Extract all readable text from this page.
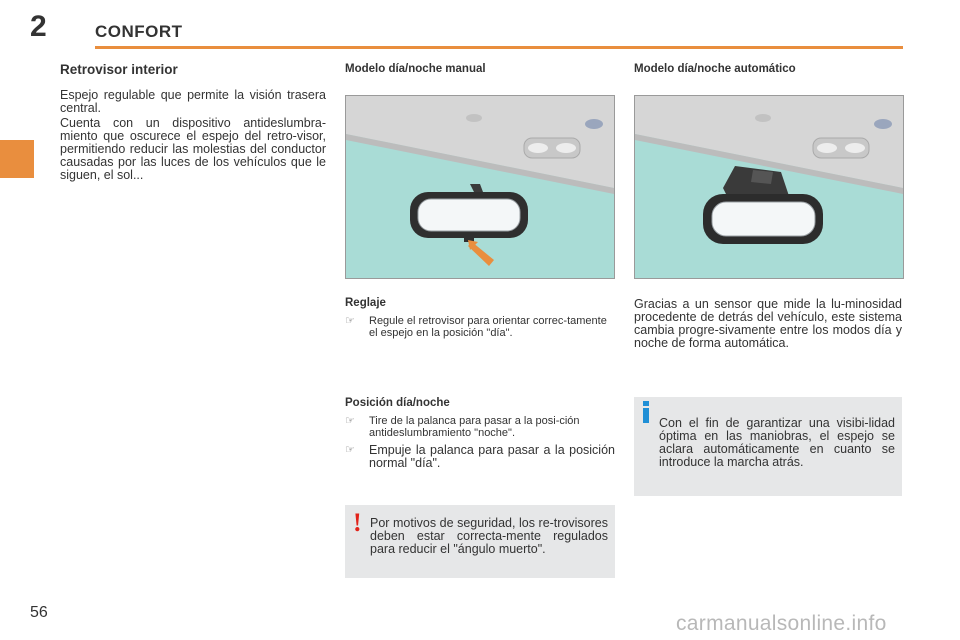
2	CONFORT
Retrovisor interior
Espejo regulable que permite la visión trasera central.
Cuenta con un dispositivo antideslumbra-miento que oscurece el espejo del retro-visor, permitiendo reducir las molestias del conductor causadas por las luces de los vehículos que le siguen, el sol...
Modelo día/noche manual
Reglaje
☞ Regule el retrovisor para orientar correc-tamente el espejo en la posición "día".
Posición día/noche
☞ Tire de la palanca para pasar a la posi-ción antideslumbramiento "noche".
☞ Empuje la palanca para pasar a la posición normal "día".
! Por motivos de seguridad, los re-trovisores deben estar correcta-mente regulados para reducir el "ángulo muerto".
Modelo día/noche automático
Gracias a un sensor que mide la lu-minosidad procedente de detrás del vehículo, este sistema cambia progre-sivamente entre los modos día y noche de forma automática.
Con el fin de garantizar una visibi-lidad óptima en las maniobras, el espejo se aclara automáticamente en cuanto se introduce la marcha atrás.
56	carmanualsonline.info
